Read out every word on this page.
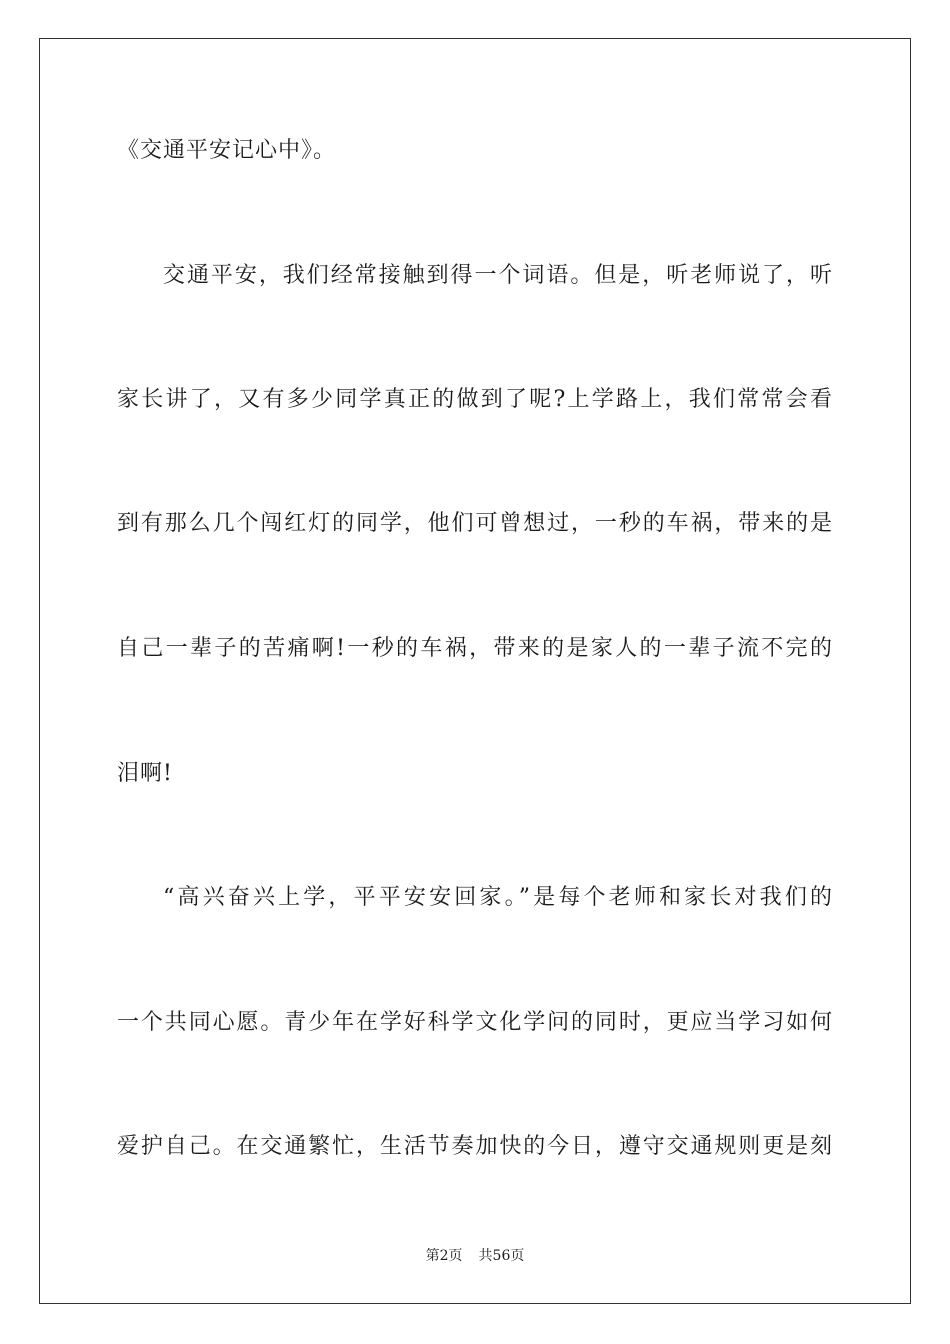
《交通平安记心中》。
交通平安，我们经常接触到得一个词语。但是，听老师说了，听
家长讲了，又有多少同学真正的做到了呢?上学路上，我们常常会看
到有那么几个闯红灯的同学，他们可曾想过，一秒的车祸，带来的是
自己一辈子的苦痛啊!一秒的车祸，带来的是家人的一辈子流不完的
泪啊!
“高兴奋兴上学，平平安安回家。”是每个老师和家长对我们的
一个共同心愿。青少年在学好科学文化学问的同时，更应当学习如何
爱护自己。在交通繁忙，生活节奏加快的今日，遵守交通规则更是刻
第2页 共56页
